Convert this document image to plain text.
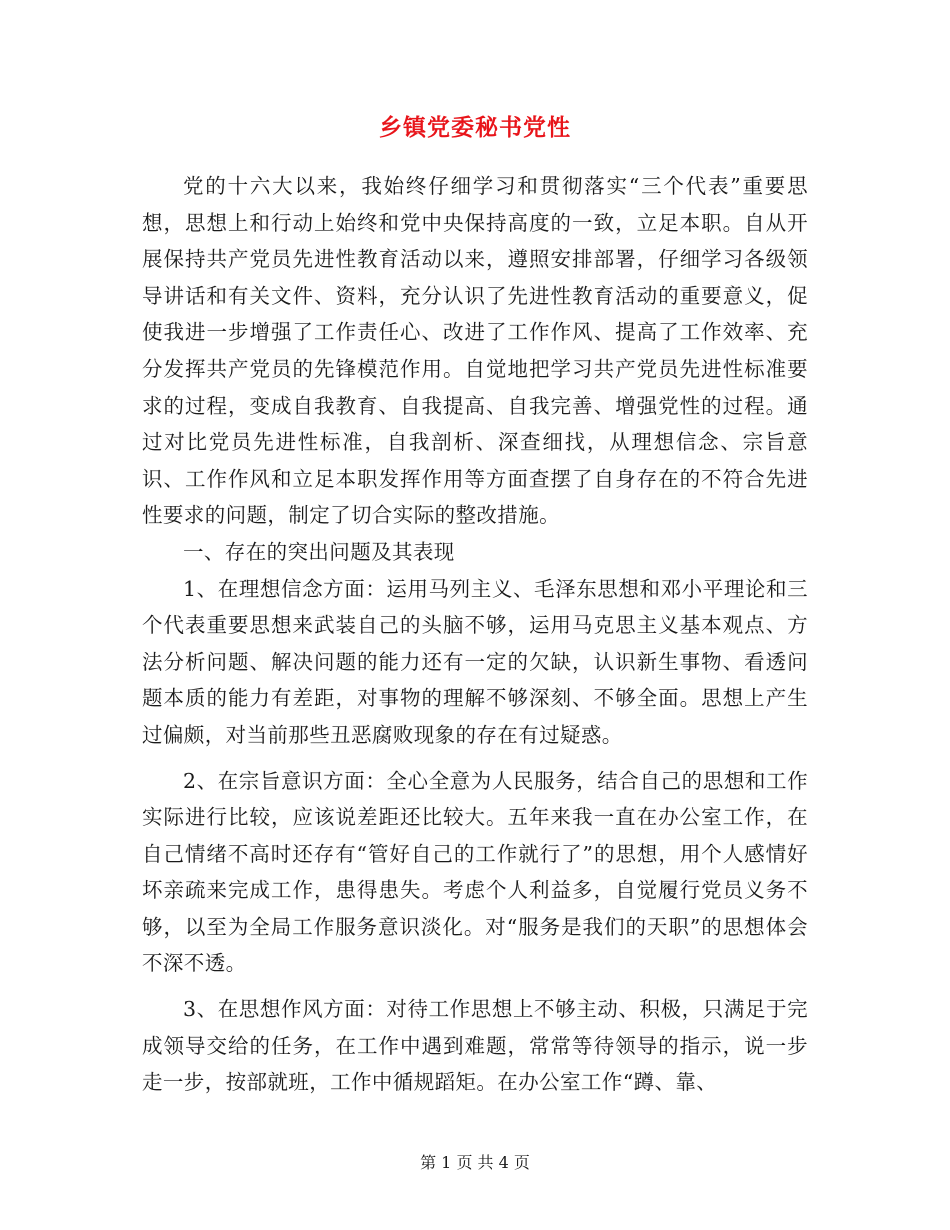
乡镇党委秘书党性

党的十六大以来，我始终仔细学习和贯彻落实“三个代表”重要思想，思想上和行动上始终和党中央保持高度的一致，立足本职。自从开展保持共产党员先进性教育活动以来，遵照安排部署，仔细学习各级领导讲话和有关文件、资料，充分认识了先进性教育活动的重要意义，促使我进一步增强了工作责任心、改进了工作作风、提高了工作效率、充分发挥共产党员的先锋模范作用。自觉地把学习共产党员先进性标准要求的过程，变成自我教育、自我提高、自我完善、增强党性的过程。通过对比党员先进性标准，自我剖析、深查细找，从理想信念、宗旨意识、工作作风和立足本职发挥作用等方面查摆了自身存在的不符合先进性要求的问题，制定了切合实际的整改措施。

一、存在的突出问题及其表现

1、在理想信念方面：运用马列主义、毛泽东思想和邓小平理论和三个代表重要思想来武装自己的头脑不够，运用马克思主义基本观点、方法分析问题、解决问题的能力还有一定的欠缺，认识新生事物、看透问题本质的能力有差距，对事物的理解不够深刻、不够全面。思想上产生过偏颇，对当前那些丑恶腐败现象的存在有过疑惑。

2、在宗旨意识方面：全心全意为人民服务，结合自己的思想和工作实际进行比较，应该说差距还比较大。五年来我一直在办公室工作，在自己情绪不高时还存有“管好自己的工作就行了”的思想，用个人感情好坏亲疏来完成工作，患得患失。考虑个人利益多，自觉履行党员义务不够，以至为全局工作服务意识淡化。对“服务是我们的天职”的思想体会不深不透。

3、在思想作风方面：对待工作思想上不够主动、积极，只满足于完成领导交给的任务，在工作中遇到难题，常常等待领导的指示，说一步走一步，按部就班，工作中循规蹈矩。在办公室工作“蹲、靠、

第 1 页 共 4 页
